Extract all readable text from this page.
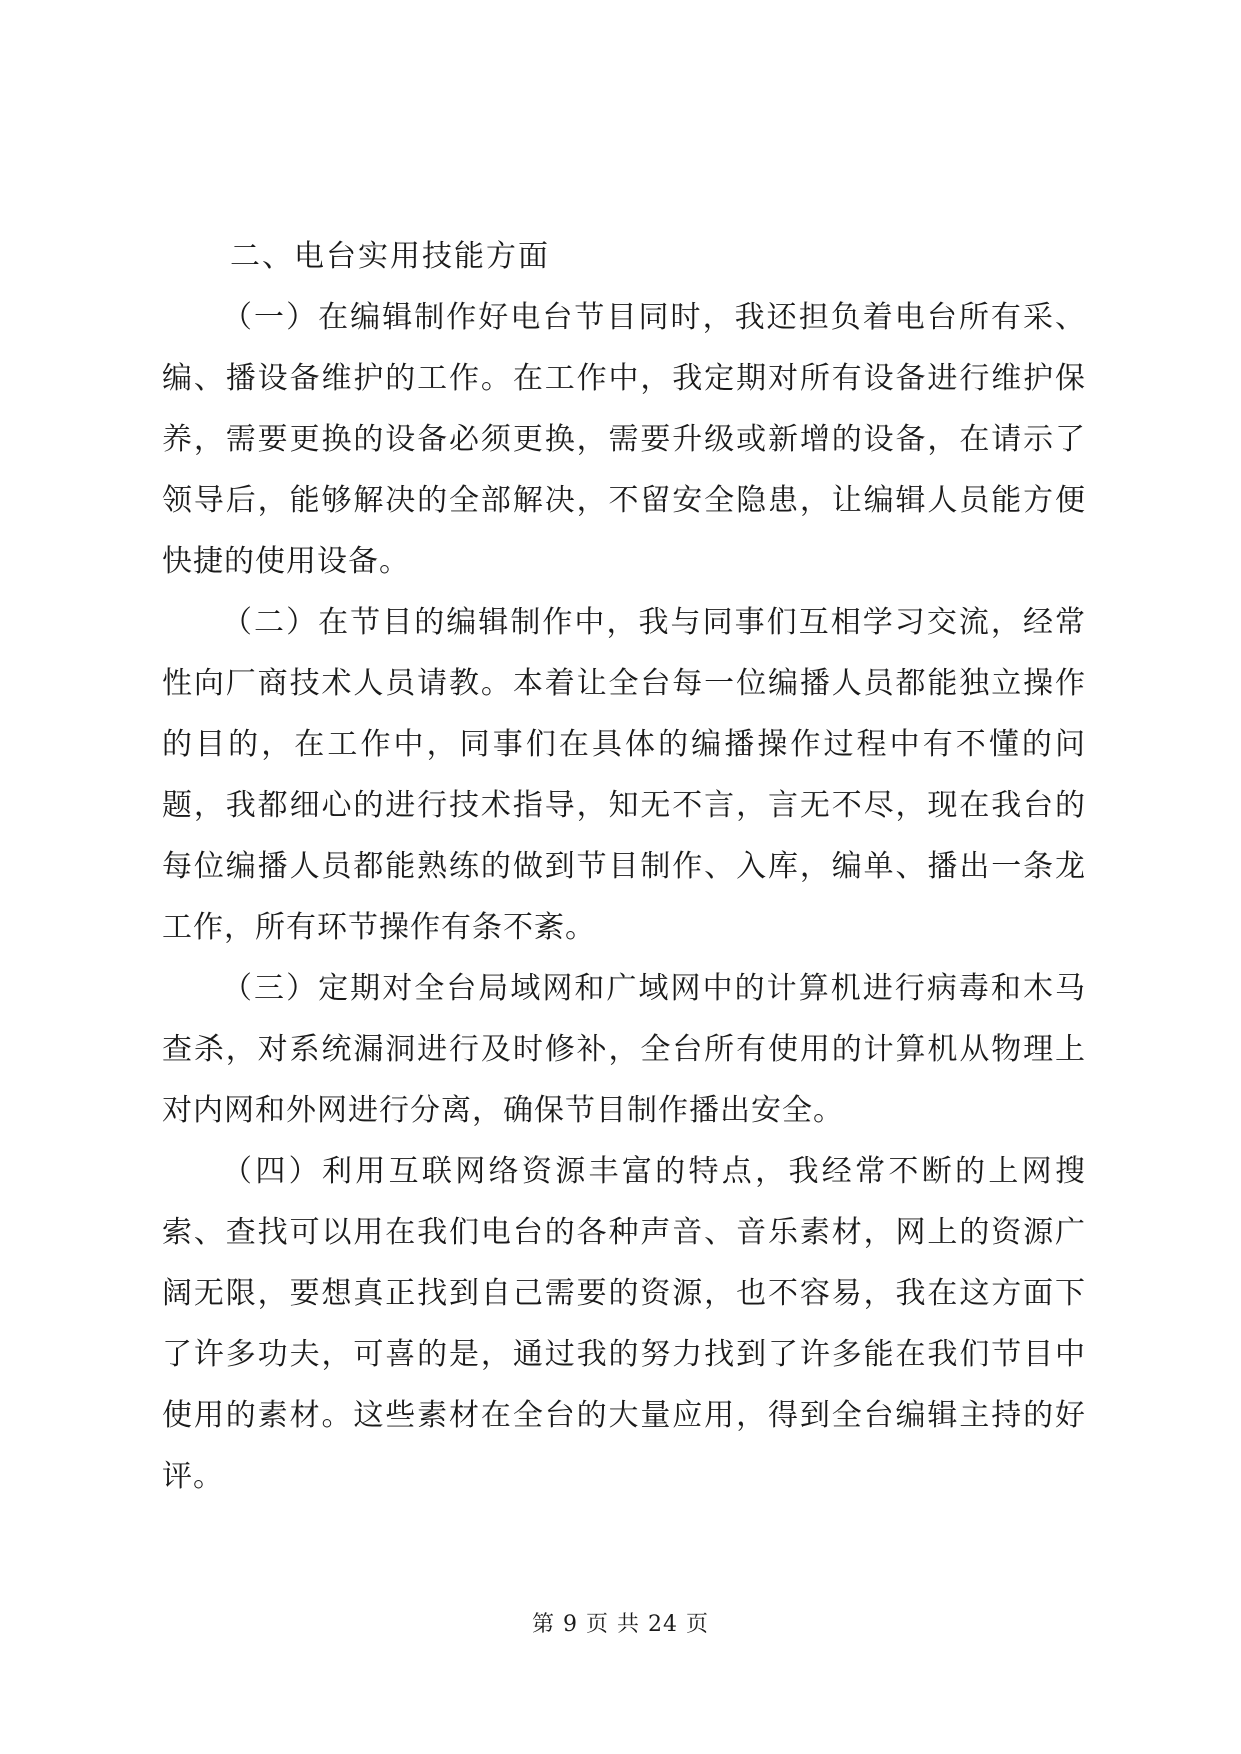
二、电台实用技能方面

（一）在编辑制作好电台节目同时，我还担负着电台所有采、编、播设备维护的工作。在工作中，我定期对所有设备进行维护保养，需要更换的设备必须更换，需要升级或新增的设备，在请示了领导后，能够解决的全部解决，不留安全隐患，让编辑人员能方便快捷的使用设备。

（二）在节目的编辑制作中，我与同事们互相学习交流，经常性向厂商技术人员请教。本着让全台每一位编播人员都能独立操作的目的，在工作中，同事们在具体的编播操作过程中有不懂的问题，我都细心的进行技术指导，知无不言，言无不尽，现在我台的每位编播人员都能熟练的做到节目制作、入库，编单、播出一条龙工作，所有环节操作有条不紊。

（三）定期对全台局域网和广域网中的计算机进行病毒和木马查杀，对系统漏洞进行及时修补，全台所有使用的计算机从物理上对内网和外网进行分离，确保节目制作播出安全。

（四）利用互联网络资源丰富的特点，我经常不断的上网搜索、查找可以用在我们电台的各种声音、音乐素材，网上的资源广阔无限，要想真正找到自己需要的资源，也不容易，我在这方面下了许多功夫，可喜的是，通过我的努力找到了许多能在我们节目中使用的素材。这些素材在全台的大量应用，得到全台编辑主持的好评。

第 9 页 共 24 页
